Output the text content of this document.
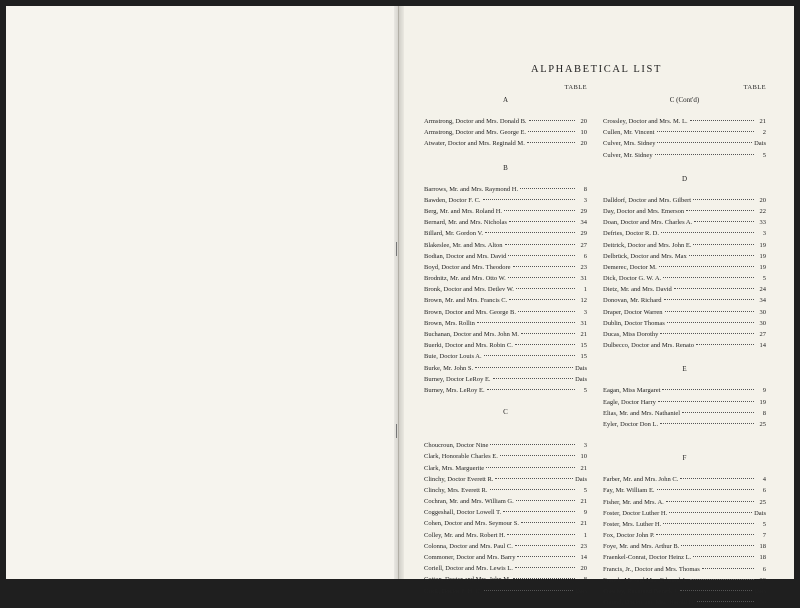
ALPHABETICAL LIST
TABLE
A
Armstrong, Doctor and Mrs. Donald B.	20
Armstrong, Doctor and Mrs. George E.	10
Atwater, Doctor and Mrs. Reginald M.	20
B
Barrows, Mr. and Mrs. Raymond H.	8
Bawden, Doctor F. C.	3
Berg, Mr. and Mrs. Roland H.	29
Bernard, Mr. and Mrs. Nicholas	34
Billard, Mr. Gordon V.	29
Blakeslee, Mr. and Mrs. Alton	27
Bodian, Doctor and Mrs. David	6
Boyd, Doctor and Mrs. Theodore	23
Brodnitz, Mr. and Mrs. Otto W.	31
Bronk, Doctor and Mrs. Detlev W.	1
Brown, Mr. and Mrs. Francis C.	12
Brown, Doctor and Mrs. George B.	3
Brown, Mrs. Rollin	31
Buchanan, Doctor and Mrs. John M.	21
Buerki, Doctor and Mrs. Robin C.	15
Buie, Doctor Louis A.	15
Burke, Mr. John S.	Dais
Burney, Doctor LeRoy E.	Dais
Burney, Mrs. LeRoy E.	5
C
Choucroun, Doctor Nine	3
Clark, Honorable Charles E.	10
Clark, Mrs. Marguerite	21
Clinchy, Doctor Everett R.	Dais
Clinchy, Mrs. Everett R.	5
Cochran, Mr. and Mrs. William G.	21
Coggeshall, Doctor Lowell T.	9
Cohen, Doctor and Mrs. Seymour S.	21
Colley, Mr. and Mrs. Robert H.	1
Colonna, Doctor and Mrs. Paul C.	23
Commoner, Doctor and Mrs. Barry	14
Coriell, Doctor and Mrs. Lewis L.	20
Cotton, Doctor and Mrs. John M.	8
Crick, Doctor F. H. C.	Dais
TABLE
C (Cont'd)
Crossley, Doctor and Mrs. M. L.	21
Cullen, Mr. Vincent	2
Culver, Mrs. Sidney	Dais
Culver, Mr. Sidney	5
D
Dalldorf, Doctor and Mrs. Gilbert	20
Day, Doctor and Mrs. Emerson	22
Doan, Doctor and Mrs. Charles A.	33
Defries, Doctor R. D.	3
Deitrick, Doctor and Mrs. John E.	19
Delbrück, Doctor and Mrs. Max	19
Demerec, Doctor M.	19
Dick, Doctor G. W. A.	5
Dietz, Mr. and Mrs. David	24
Donovan, Mr. Richard	34
Draper, Doctor Warren	30
Dublin, Doctor Thomas	30
Ducas, Miss Dorothy	27
Dulbecco, Doctor and Mrs. Renato	14
E
Eagan, Miss Margaret	9
Eagle, Doctor Harry	19
Elias, Mr. and Mrs. Nathaniel	8
Eyler, Doctor Don L.	25
F
Farber, Mr. and Mrs. John C.	4
Fay, Mr. William E.	6
Fisher, Mr. and Mrs. A.	25
Foster, Doctor Luther H.	Dais
Foster, Mrs. Luther H.	5
Fox, Doctor John P.	7
Foye, Mr. and Mrs. Arthur B.	18
Fraenkel-Conrat, Doctor Heinz L.	18
Francis, Jr., Doctor and Mrs. Thomas	6
Franck, Mr. and Mrs. Edward A.	30
Frawley, Reverend Patrick J.	Dais
Freund, Doctor and Mrs. Harold H.	30
